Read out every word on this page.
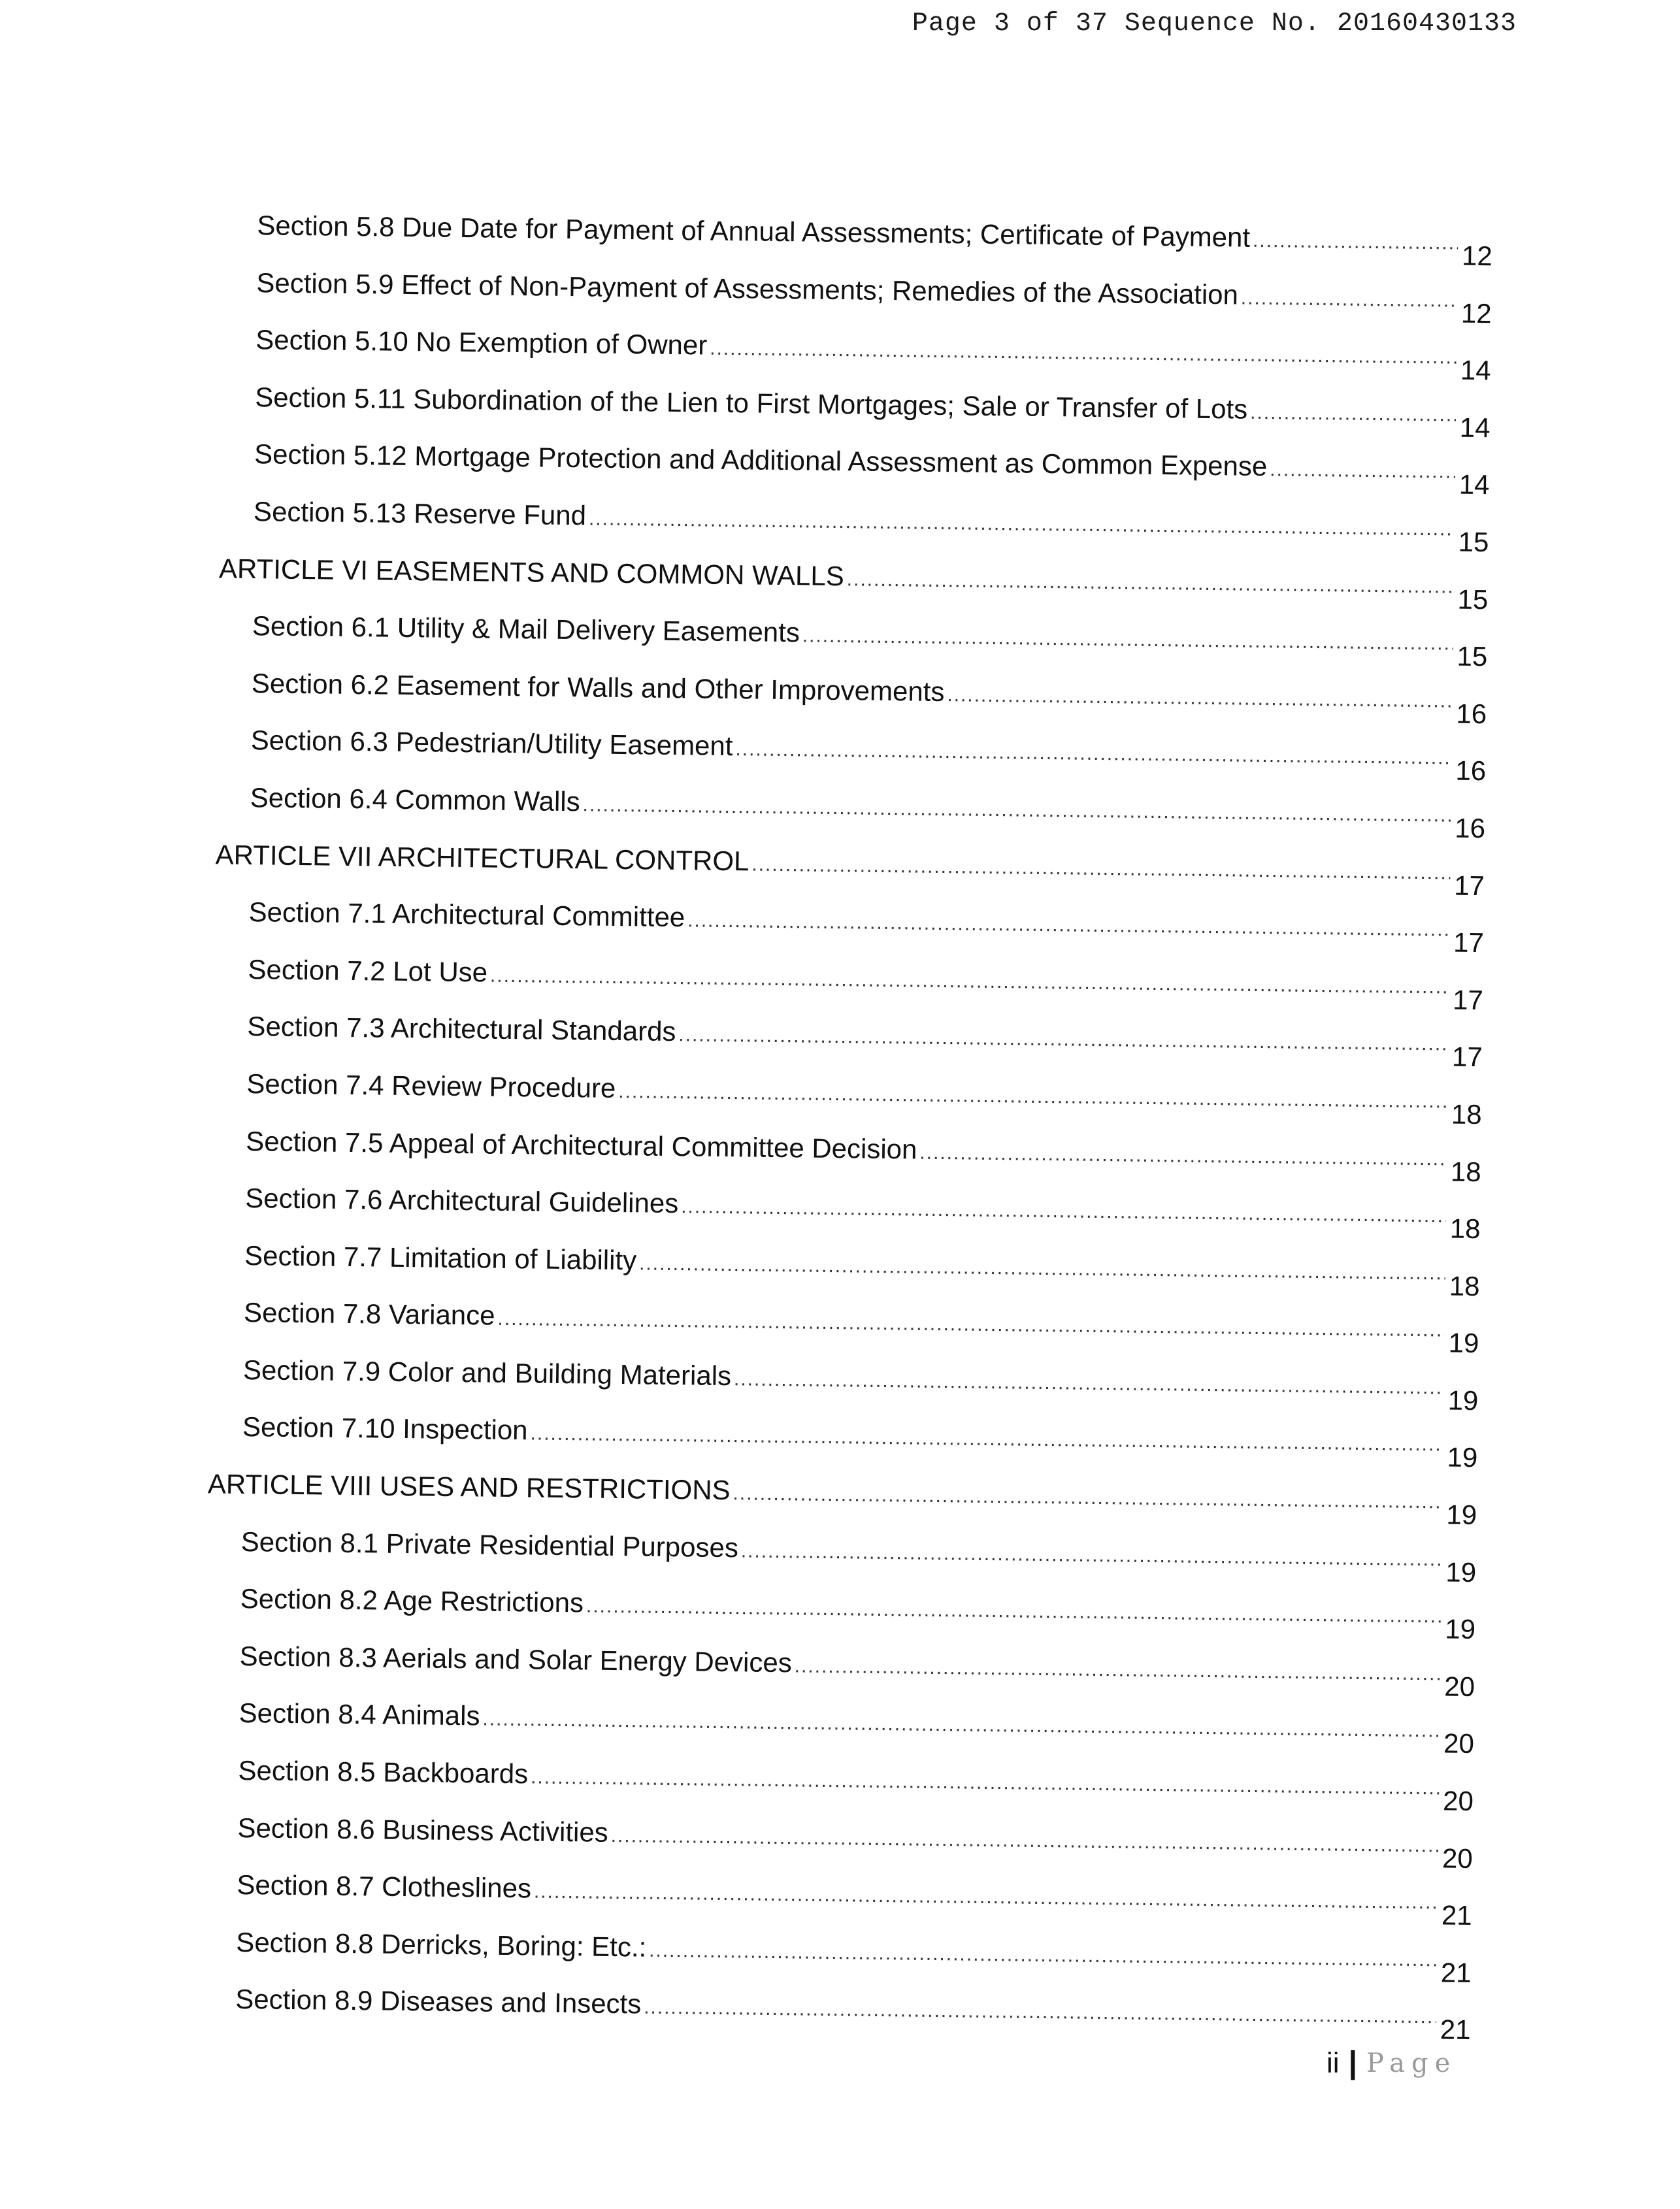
Page 3 of 37 Sequence No. 20160430133
Section 5.8 Due Date for Payment of Annual Assessments; Certificate of Payment
.....
12
Section 5.9 Effect of Non-Payment of Assessments; Remedies of the Association
.....
12
Section 5.10 No Exemption of Owner
.....
14
Section 5.11 Subordination of the Lien to First Mortgages; Sale or Transfer of Lots
.....
14
Section 5.12 Mortgage Protection and Additional Assessment as Common Expense
.....
14
Section 5.13 Reserve Fund
.....
15
ARTICLE VI EASEMENTS AND COMMON WALLS
.....
15
Section 6.1 Utility & Mail Delivery Easements
.....
15
Section 6.2 Easement for Walls and Other Improvements
.....
16
Section 6.3 Pedestrian/Utility Easement
.....
16
Section 6.4 Common Walls
.....
16
ARTICLE VII ARCHITECTURAL CONTROL
.....
17
Section 7.1 Architectural Committee
.....
17
Section 7.2 Lot Use
.....
17
Section 7.3 Architectural Standards
.....
17
Section 7.4 Review Procedure
.....
18
Section 7.5 Appeal of Architectural Committee Decision
.....
18
Section 7.6 Architectural Guidelines
.....
18
Section 7.7 Limitation of Liability
.....
18
Section 7.8 Variance
.....
19
Section 7.9 Color and Building Materials
.....
19
Section 7.10 Inspection
.....
19
ARTICLE VIII USES AND RESTRICTIONS
.....
19
Section 8.1 Private Residential Purposes
.....
19
Section 8.2 Age Restrictions
.....
19
Section 8.3 Aerials and Solar Energy Devices
.....
20
Section 8.4 Animals
.....
20
Section 8.5 Backboards
.....
20
Section 8.6 Business Activities
.....
20
Section 8.7 Clotheslines
.....
21
Section 8.8 Derricks, Boring: Etc.:
.....
21
Section 8.9 Diseases and Insects
.....
21
ii | Page
